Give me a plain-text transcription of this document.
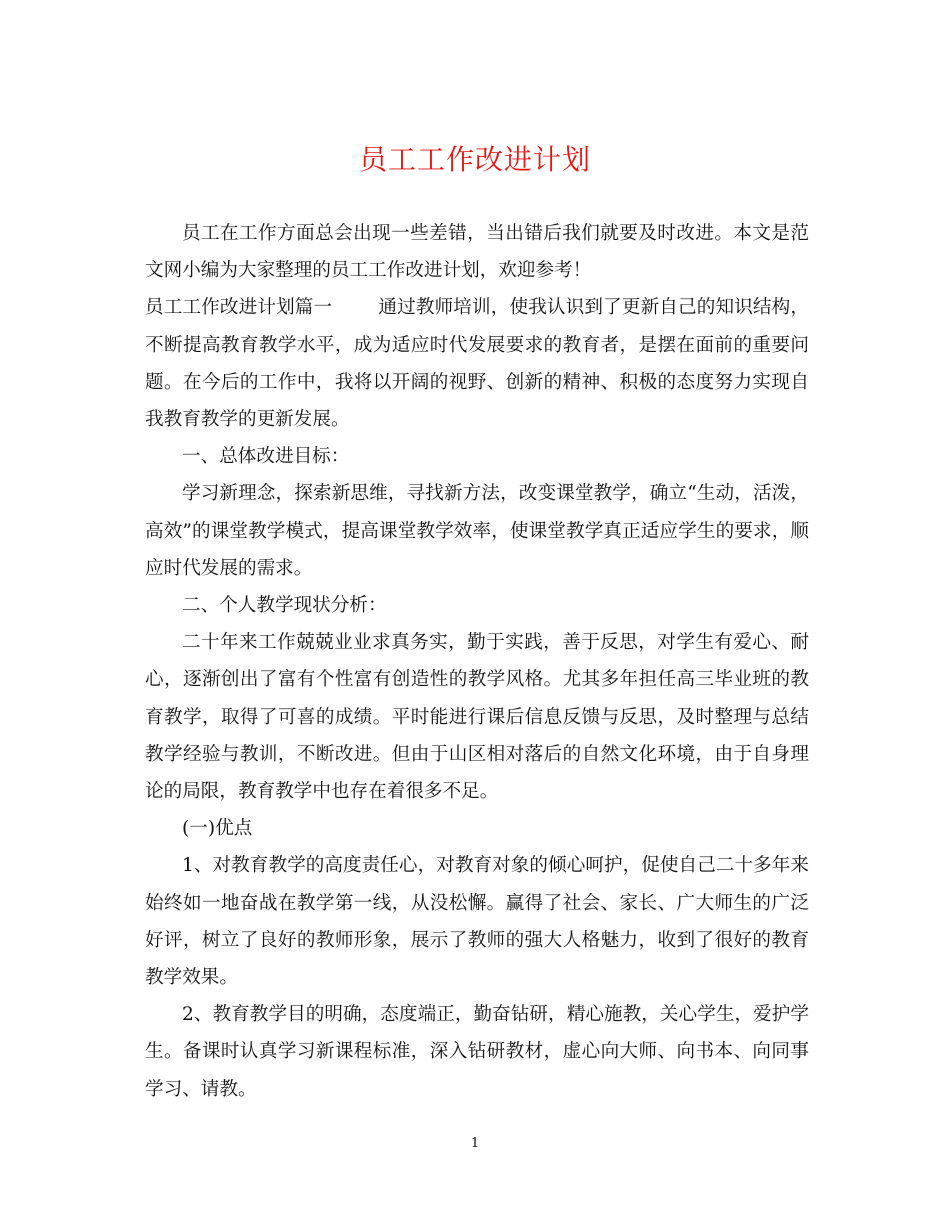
员工工作改进计划

员工在工作方面总会出现一些差错，当出错后我们就要及时改进。本文是范文网小编为大家整理的员工工作改进计划，欢迎参考！

员工工作改进计划篇一 通过教师培训，使我认识到了更新自己的知识结构，不断提高教育教学水平，成为适应时代发展要求的教育者，是摆在面前的重要问题。在今后的工作中，我将以开阔的视野、创新的精神、积极的态度努力实现自我教育教学的更新发展。

一、总体改进目标：

学习新理念，探索新思维，寻找新方法，改变课堂教学，确立“生动，活泼，高效”的课堂教学模式，提高课堂教学效率，使课堂教学真正适应学生的要求，顺应时代发展的需求。

二、个人教学现状分析：

二十年来工作兢兢业业求真务实，勤于实践，善于反思，对学生有爱心、耐心，逐渐创出了富有个性富有创造性的教学风格。尤其多年担任高三毕业班的教育教学，取得了可喜的成绩。平时能进行课后信息反馈与反思，及时整理与总结教学经验与教训，不断改进。但由于山区相对落后的自然文化环境，由于自身理论的局限，教育教学中也存在着很多不足。

(一)优点

1、对教育教学的高度责任心，对教育对象的倾心呵护，促使自己二十多年来始终如一地奋战在教学第一线，从没松懈。赢得了社会、家长、广大师生的广泛好评，树立了良好的教师形象，展示了教师的强大人格魅力，收到了很好的教育教学效果。

2、教育教学目的明确，态度端正，勤奋钻研，精心施教，关心学生，爱护学生。备课时认真学习新课程标准，深入钻研教材，虚心向大师、向书本、向同事学习、请教。

1
